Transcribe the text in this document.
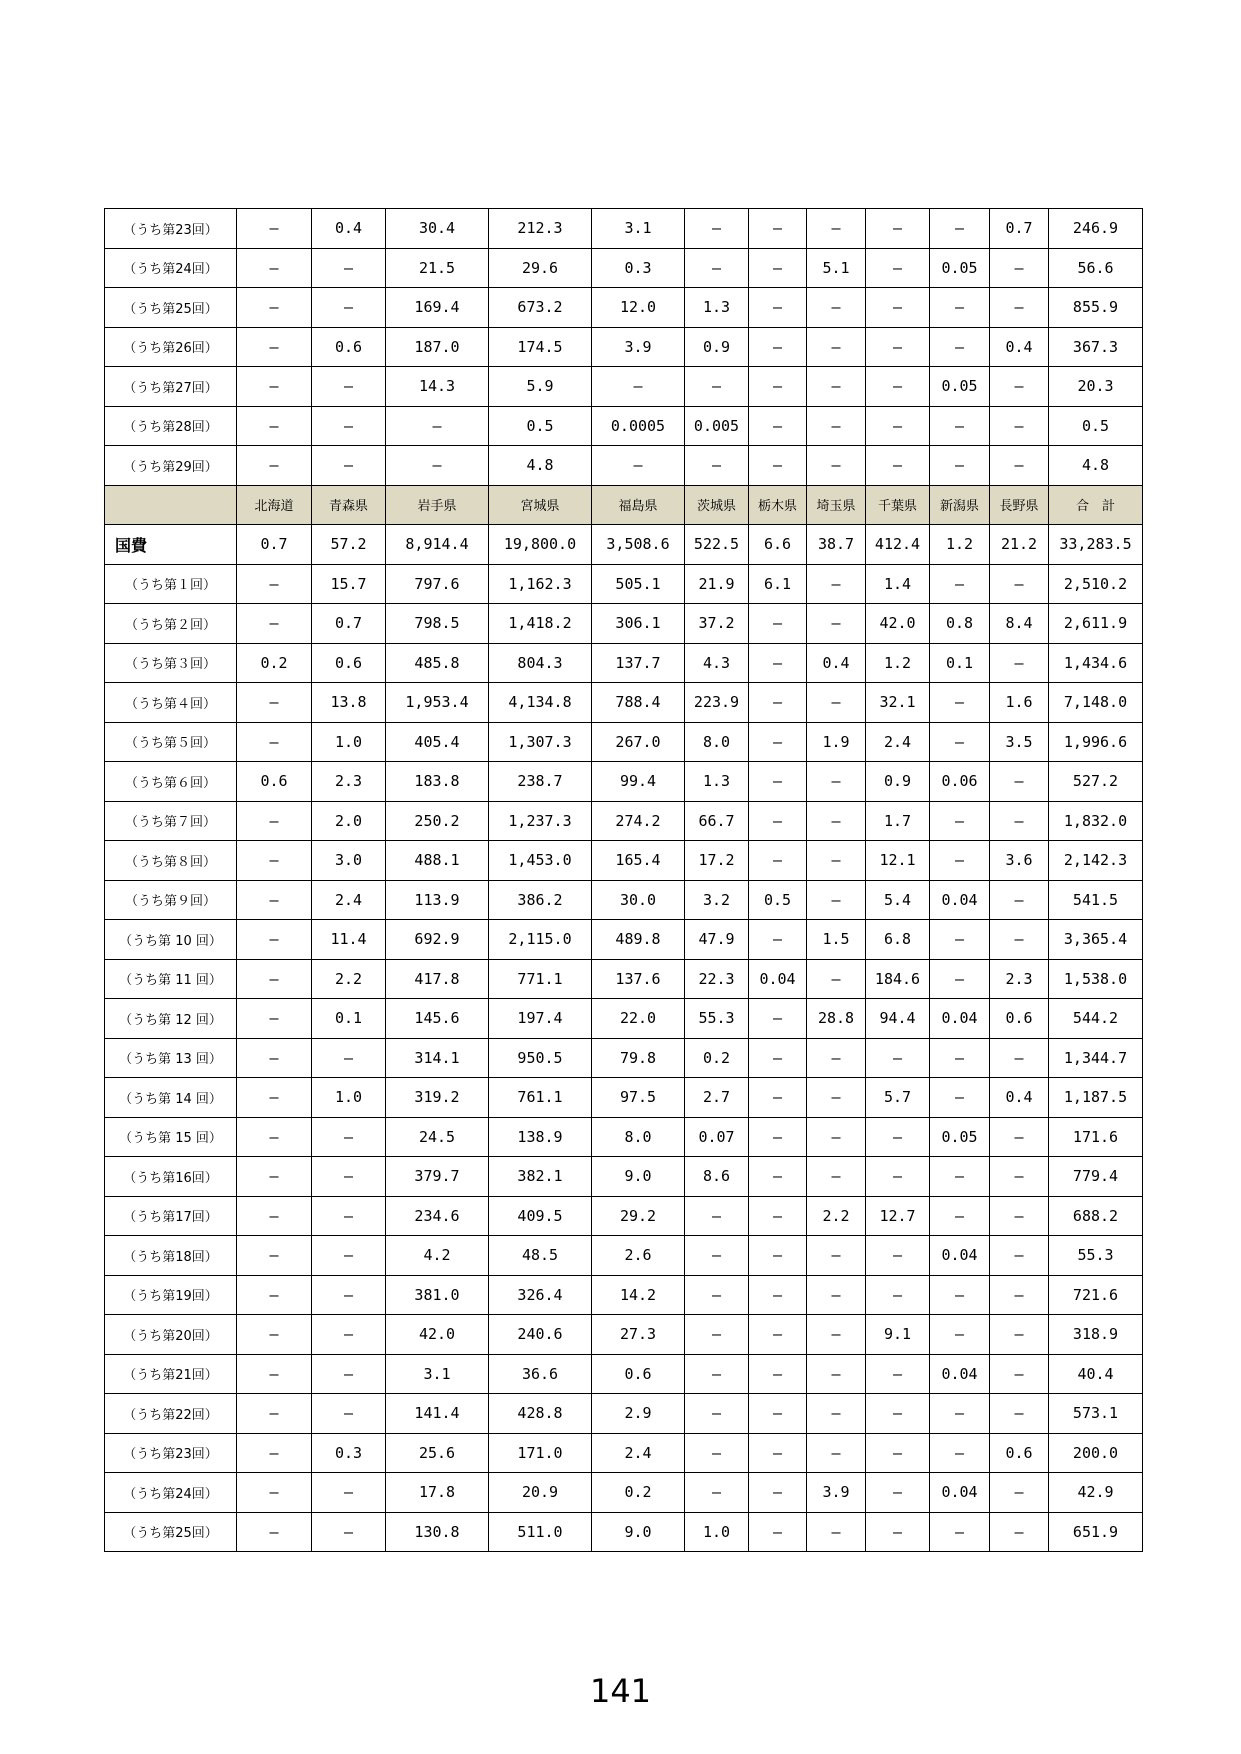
（うち第23回）	—	0.4	30.4	212.3	3.1	—	—	—	—	—	0.7	246.9
（うち第24回）	—	—	21.5	29.6	0.3	—	—	5.1	—	0.05	—	56.6
（うち第25回）	—	—	169.4	673.2	12.0	1.3	—	—	—	—	—	855.9
（うち第26回）	—	0.6	187.0	174.5	3.9	0.9	—	—	—	—	0.4	367.3
（うち第27回）	—	—	14.3	5.9	—	—	—	—	—	0.05	—	20.3
（うち第28回）	—	—	—	0.5	0.0005	0.005	—	—	—	—	—	0.5
（うち第29回）	—	—	—	4.8	—	—	—	—	—	—	—	4.8
	北海道	青森県	岩手県	宮城県	福島県	茨城県	栃木県	埼玉県	千葉県	新潟県	長野県	合　計
国費	0.7	57.2	8,914.4	19,800.0	3,508.6	522.5	6.6	38.7	412.4	1.2	21.2	33,283.5
（うち第１回）	—	15.7	797.6	1,162.3	505.1	21.9	6.1	—	1.4	—	—	2,510.2
（うち第２回）	—	0.7	798.5	1,418.2	306.1	37.2	—	—	42.0	0.8	8.4	2,611.9
（うち第３回）	0.2	0.6	485.8	804.3	137.7	4.3	—	0.4	1.2	0.1	—	1,434.6
（うち第４回）	—	13.8	1,953.4	4,134.8	788.4	223.9	—	—	32.1	—	1.6	7,148.0
（うち第５回）	—	1.0	405.4	1,307.3	267.0	8.0	—	1.9	2.4	—	3.5	1,996.6
（うち第６回）	0.6	2.3	183.8	238.7	99.4	1.3	—	—	0.9	0.06	—	527.2
（うち第７回）	—	2.0	250.2	1,237.3	274.2	66.7	—	—	1.7	—	—	1,832.0
（うち第８回）	—	3.0	488.1	1,453.0	165.4	17.2	—	—	12.1	—	3.6	2,142.3
（うち第９回）	—	2.4	113.9	386.2	30.0	3.2	0.5	—	5.4	0.04	—	541.5
（うち第 10 回）	—	11.4	692.9	2,115.0	489.8	47.9	—	1.5	6.8	—	—	3,365.4
（うち第 11 回）	—	2.2	417.8	771.1	137.6	22.3	0.04	—	184.6	—	2.3	1,538.0
（うち第 12 回）	—	0.1	145.6	197.4	22.0	55.3	—	28.8	94.4	0.04	0.6	544.2
（うち第 13 回）	—	—	314.1	950.5	79.8	0.2	—	—	—	—	—	1,344.7
（うち第 14 回）	—	1.0	319.2	761.1	97.5	2.7	—	—	5.7	—	0.4	1,187.5
（うち第 15 回）	—	—	24.5	138.9	8.0	0.07	—	—	—	0.05	—	171.6
（うち第16回）	—	—	379.7	382.1	9.0	8.6	—	—	—	—	—	779.4
（うち第17回）	—	—	234.6	409.5	29.2	—	—	2.2	12.7	—	—	688.2
（うち第18回）	—	—	4.2	48.5	2.6	—	—	—	—	0.04	—	55.3
（うち第19回）	—	—	381.0	326.4	14.2	—	—	—	—	—	—	721.6
（うち第20回）	—	—	42.0	240.6	27.3	—	—	—	9.1	—	—	318.9
（うち第21回）	—	—	3.1	36.6	0.6	—	—	—	—	0.04	—	40.4
（うち第22回）	—	—	141.4	428.8	2.9	—	—	—	—	—	—	573.1
（うち第23回）	—	0.3	25.6	171.0	2.4	—	—	—	—	—	0.6	200.0
（うち第24回）	—	—	17.8	20.9	0.2	—	—	3.9	—	0.04	—	42.9
（うち第25回）	—	—	130.8	511.0	9.0	1.0	—	—	—	—	—	651.9
141
